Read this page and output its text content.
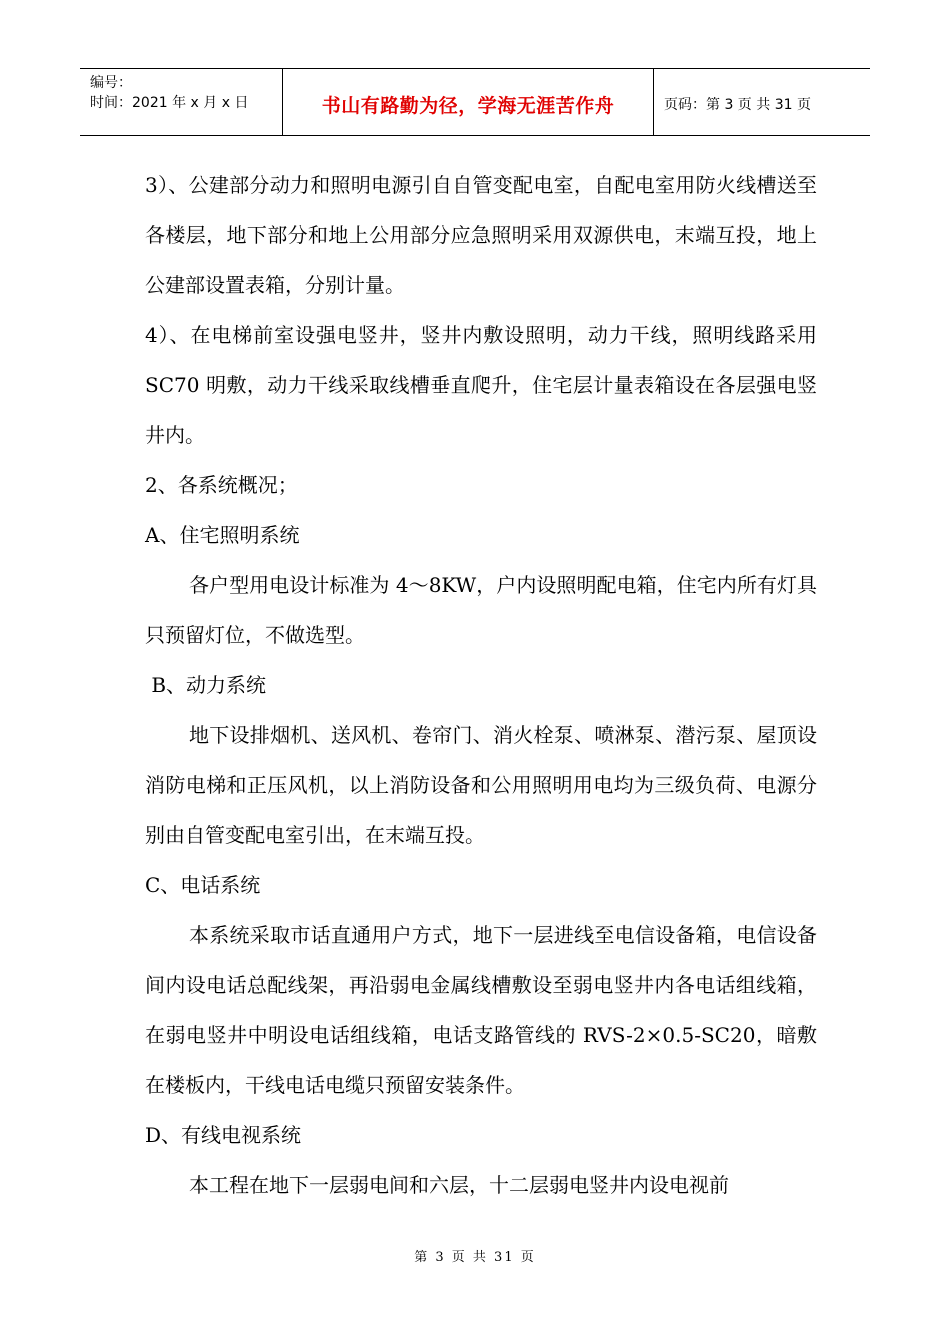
编号：
时间：2021 年 x 月 x 日	书山有路勤为径，学海无涯苦作舟	页码：第 3 页 共 31 页

3）、公建部分动力和照明电源引自自管变配电室，自配电室用防火线槽送至各楼层，地下部分和地上公用部分应急照明采用双源供电，末端互投，地上公建部设置表箱，分别计量。

4）、在电梯前室设强电竖井，竖井内敷设照明，动力干线，照明线路采用 SC70 明敷，动力干线采取线槽垂直爬升，住宅层计量表箱设在各层强电竖井内。

2、各系统概况；

A、住宅照明系统

各户型用电设计标准为 4～8KW，户内设照明配电箱，住宅内所有灯具只预留灯位，不做选型。

B、动力系统

地下设排烟机、送风机、卷帘门、消火栓泵、喷淋泵、潜污泵、屋顶设消防电梯和正压风机，以上消防设备和公用照明用电均为三级负荷、电源分别由自管变配电室引出，在末端互投。

C、电话系统

本系统采取市话直通用户方式，地下一层进线至电信设备箱，电信设备间内设电话总配线架，再沿弱电金属线槽敷设至弱电竖井内各电话组线箱，在弱电竖井中明设电话组线箱，电话支路管线的 RVS-2×0.5-SC20，暗敷在楼板内，干线电话电缆只预留安装条件。

D、有线电视系统

本工程在地下一层弱电间和六层，十二层弱电竖井内设电视前

第 3 页 共 31 页
